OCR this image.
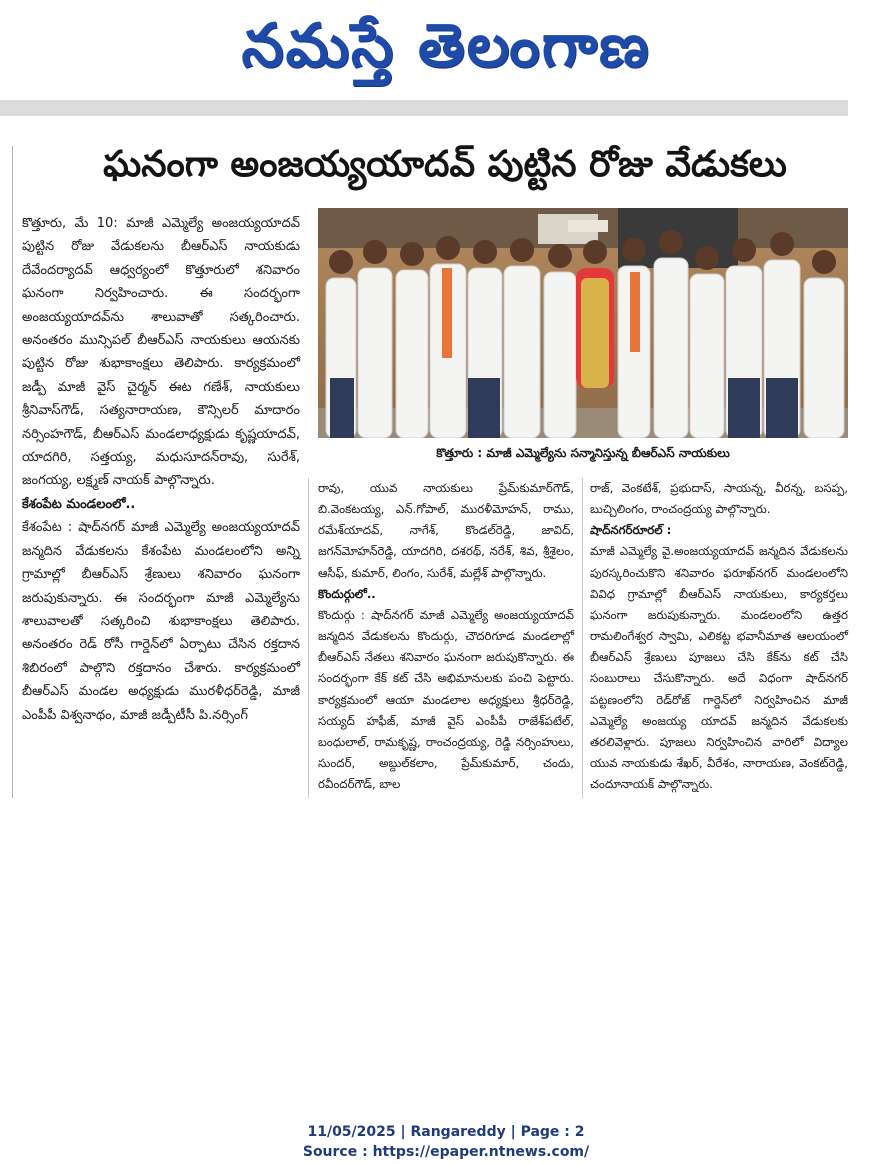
నమస్తే తెలంగాణ
ఘనంగా అంజయ్యయాదవ్ పుట్టిన రోజు వేడుకలు
కొత్తూరు : మాజీ ఎమ్మెల్యేను సన్మానిస్తున్న బీఆర్ఎస్ నాయకులు

కొత్తూరు, మే 10: మాజీ ఎమ్మెల్యే అంజయ్యయాదవ్ పుట్టిన రోజు వేడుకలను బీఆర్ఎస్ నాయకుడు దేవేందర్యాదవ్ ఆధ్వర్యంలో కొత్తూరులో శనివారం ఘనంగా నిర్వహించారు. ఈ సందర్భంగా అంజయ్యయాదవ్‌ను శాలువాతో సత్కరించారు. అనంతరం మున్సిపల్ బీఆర్ఎస్ నాయకులు ఆయనకు పుట్టిన రోజు శుభాకాంక్షలు తెలిపారు. కార్యక్రమంలో జడ్పీ మాజీ వైస్ చైర్మన్ ఈట గణేశ్, నాయకులు శ్రీనివాస్‌గౌడ్, సత్యనారాయణ, కౌన్సిలర్ మాదారం నర్సింహగౌడ్, బీఆర్ఎస్ మండలాధ్యక్షుడు కృష్ణయాదవ్, యాదగిరి, సత్తయ్య, మధుసూదన్‌రావు, సురేశ్, జంగయ్య, లక్ష్మణ్ నాయక్ పాల్గొన్నారు.

కేశంపేట మండలంలో..

కేశంపేట : షాద్‌నగర్ మాజీ ఎమ్మెల్యే అంజయ్యయాదవ్ జన్మదిన వేడుకలను కేశంపేట మండలంలోని అన్ని గ్రామాల్లో బీఆర్ఎస్ శ్రేణులు శనివారం ఘనంగా జరుపుకున్నారు. ఈ సందర్భంగా మాజీ ఎమ్మెల్యేను శాలువాలతో సత్కరించి శుభాకాంక్షలు తెలిపారు. అనంతరం రెడ్ రోసీ గార్డెన్‌లో ఏర్పాటు చేసిన రక్తదాన శిబిరంలో పాల్గొని రక్తదానం చేశారు. కార్యక్రమంలో బీఆర్ఎస్ మండల అధ్యక్షుడు మురళీధర్‌రెడ్డి, మాజీ ఎంపీపీ విశ్వనాథం, మాజీ జడ్పీటీసీ పి.నర్సింగ్

రావు, యువ నాయకులు ప్రేమ్‌కుమార్‌గౌడ్, బి.వెంకటయ్య, ఎన్.గోపాల్, మురళీమోహన్, రాము, రమేశ్‌యాదవ్, నాగేశ్, కొండల్‌రెడ్డి, జావిద్, జగన్‌మోహన్‌రెడ్డి, యాదగిరి, దశరథ్, నరేశ్, శివ, శ్రీశైలం, ఆసీఫ్, కుమార్, లింగం, సురేశ్, మల్లేశ్ పాల్గొన్నారు.

కొందుర్గులో..

కొందుర్గు : షాద్‌నగర్ మాజీ ఎమ్మెల్యే అంజయ్యయాదవ్ జన్మదిన వేడుకలను కొందుర్గు, చౌదరిగూడ మండలాల్లో బీఆర్ఎస్ నేతలు శనివారం ఘనంగా జరుపుకొన్నారు. ఈ సందర్భంగా కేక్ కట్ చేసి అభిమానులకు పంచి పెట్టారు. కార్యక్రమంలో ఆయా మండలాల అధ్యక్షులు శ్రీధర్‌రెడ్డి, సయ్యద్ హఫీజ్, మాజీ వైస్ ఎంపీపీ రాజేశ్‌పటేల్, బంధులాల్, రామకృష్ణ, రాంచంద్రయ్య, రెడ్డి నర్సింహులు, సుందర్, అబ్దుల్‌కలాం, ప్రేమ్‌కుమార్, చందు, రవీందర్‌గౌడ్, బాల

రాజ్, వెంకటేశ్, ప్రభుదాస్, సాయన్న, వీరన్న, బసప్ప, బుచ్చిలింగం, రాంచంద్రయ్య పాల్గొన్నారు.

షాద్‌నగర్‌రూరల్ :

మాజీ ఎమ్మెల్యే వై.అంజయ్యయాదవ్ జన్మదిన వేడుకలను పురస్కరించుకొని శనివారం ఫరూఖ్‌నగర్ మండలంలోని వివిధ గ్రామాల్లో బీఆర్ఎస్ నాయకులు, కార్యకర్తలు ఘనంగా జరుపుకున్నారు. మండలంలోని ఉత్తర రామలింగేశ్వర స్వామి, ఎలికట్ట భవానీమాత ఆలయంలో బీఆర్ఎస్ శ్రేణులు పూజలు చేసి కేక్‌ను కట్ చేసి సంబురాలు చేసుకొన్నారు. అదే విధంగా షాద్‌నగర్ పట్టణంలోని రెడ్‌రోజ్ గార్డెన్‌లో నిర్వహించిన మాజీ ఎమ్మెల్యే అంజయ్య యాదవ్ జన్మదిన వేడుకలకు తరలివెళ్లారు. పూజలు నిర్వహించిన వారిలో విద్యాల యువ నాయకుడు శేఖర్, వీరేశం, నారాయణ, వెంకట్‌రెడ్డి, చందూనాయక్ పాల్గొన్నారు.

11/05/2025 | Rangareddy | Page : 2
Source : https://epaper.ntnews.com/
